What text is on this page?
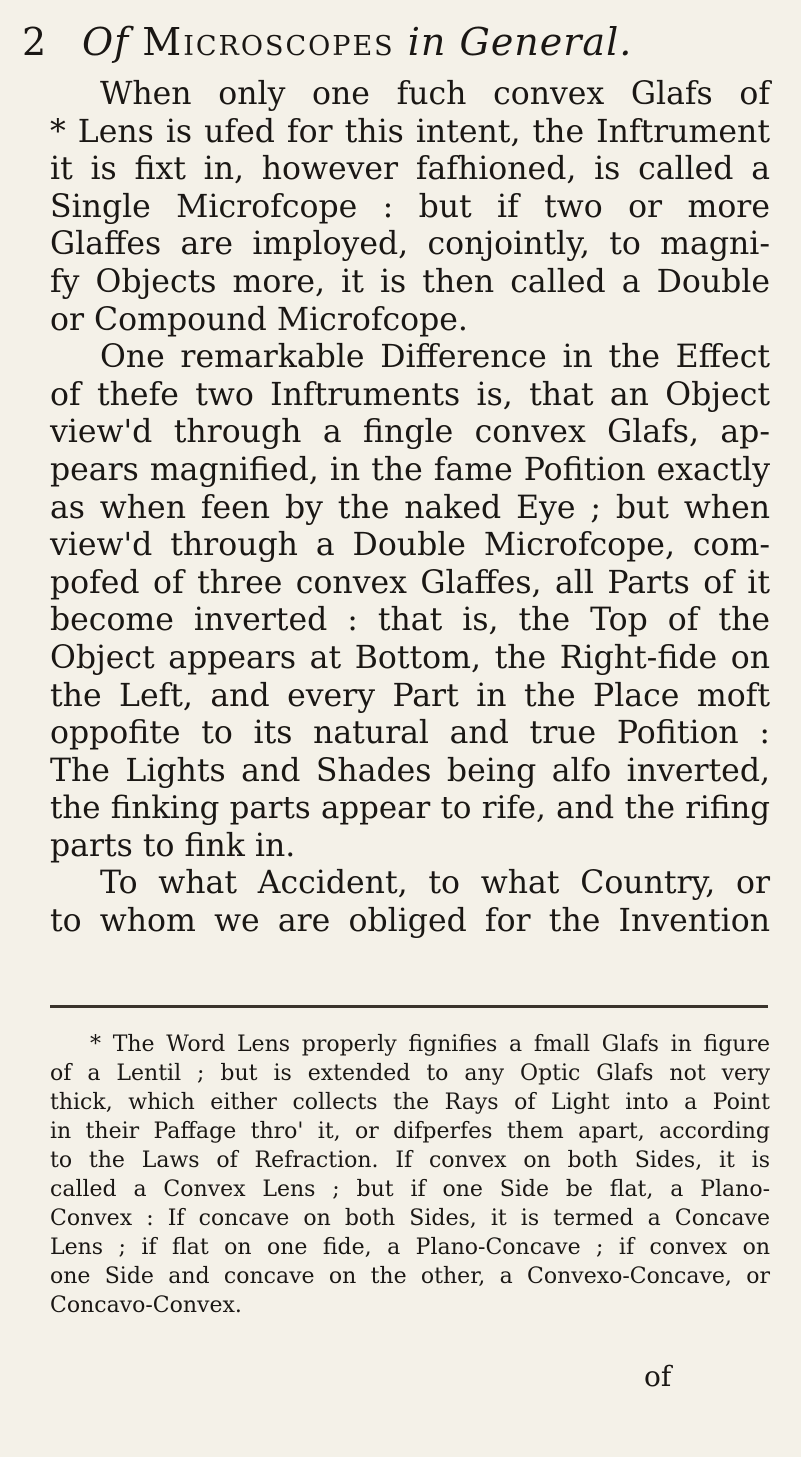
2 Of Microscopes in General.
When only one fuch convex Glafs of
* Lens is ufed for this intent, the Inftrument
it is fixt in, however fafhioned, is called a
Single Microfcope : but if two or more
Glaffes are imployed, conjointly, to magni-
fy Objects more, it is then called a Double
or Compound Microfcope.
One remarkable Difference in the Effect
of thefe two Inftruments is, that an Object
view'd through a fingle convex Glafs, ap-
pears magnified, in the fame Pofition exactly
as when feen by the naked Eye ; but when
view'd through a Double Microfcope, com-
pofed of three convex Glaffes, all Parts of it
become inverted : that is, the Top of the
Object appears at Bottom, the Right-fide on
the Left, and every Part in the Place moft
oppofite to its natural and true Pofition :
The Lights and Shades being alfo inverted,
the finking parts appear to rife, and the rifing
parts to fink in.
To what Accident, to what Country, or
to whom we are obliged for the Invention
* The Word Lens properly fignifies a fmall Glafs in figure
of a Lentil ; but is extended to any Optic Glafs not very
thick, which either collects the Rays of Light into a Point
in their Paffage thro' it, or difperfes them apart, according
to the Laws of Refraction. If convex on both Sides, it is
called a Convex Lens ; but if one Side be flat, a Plano-
Convex : If concave on both Sides, it is termed a Concave
Lens ; if flat on one fide, a Plano-Concave ; if convex on
one Side and concave on the other, a Convexo-Concave, or
Concavo-Convex.
of
